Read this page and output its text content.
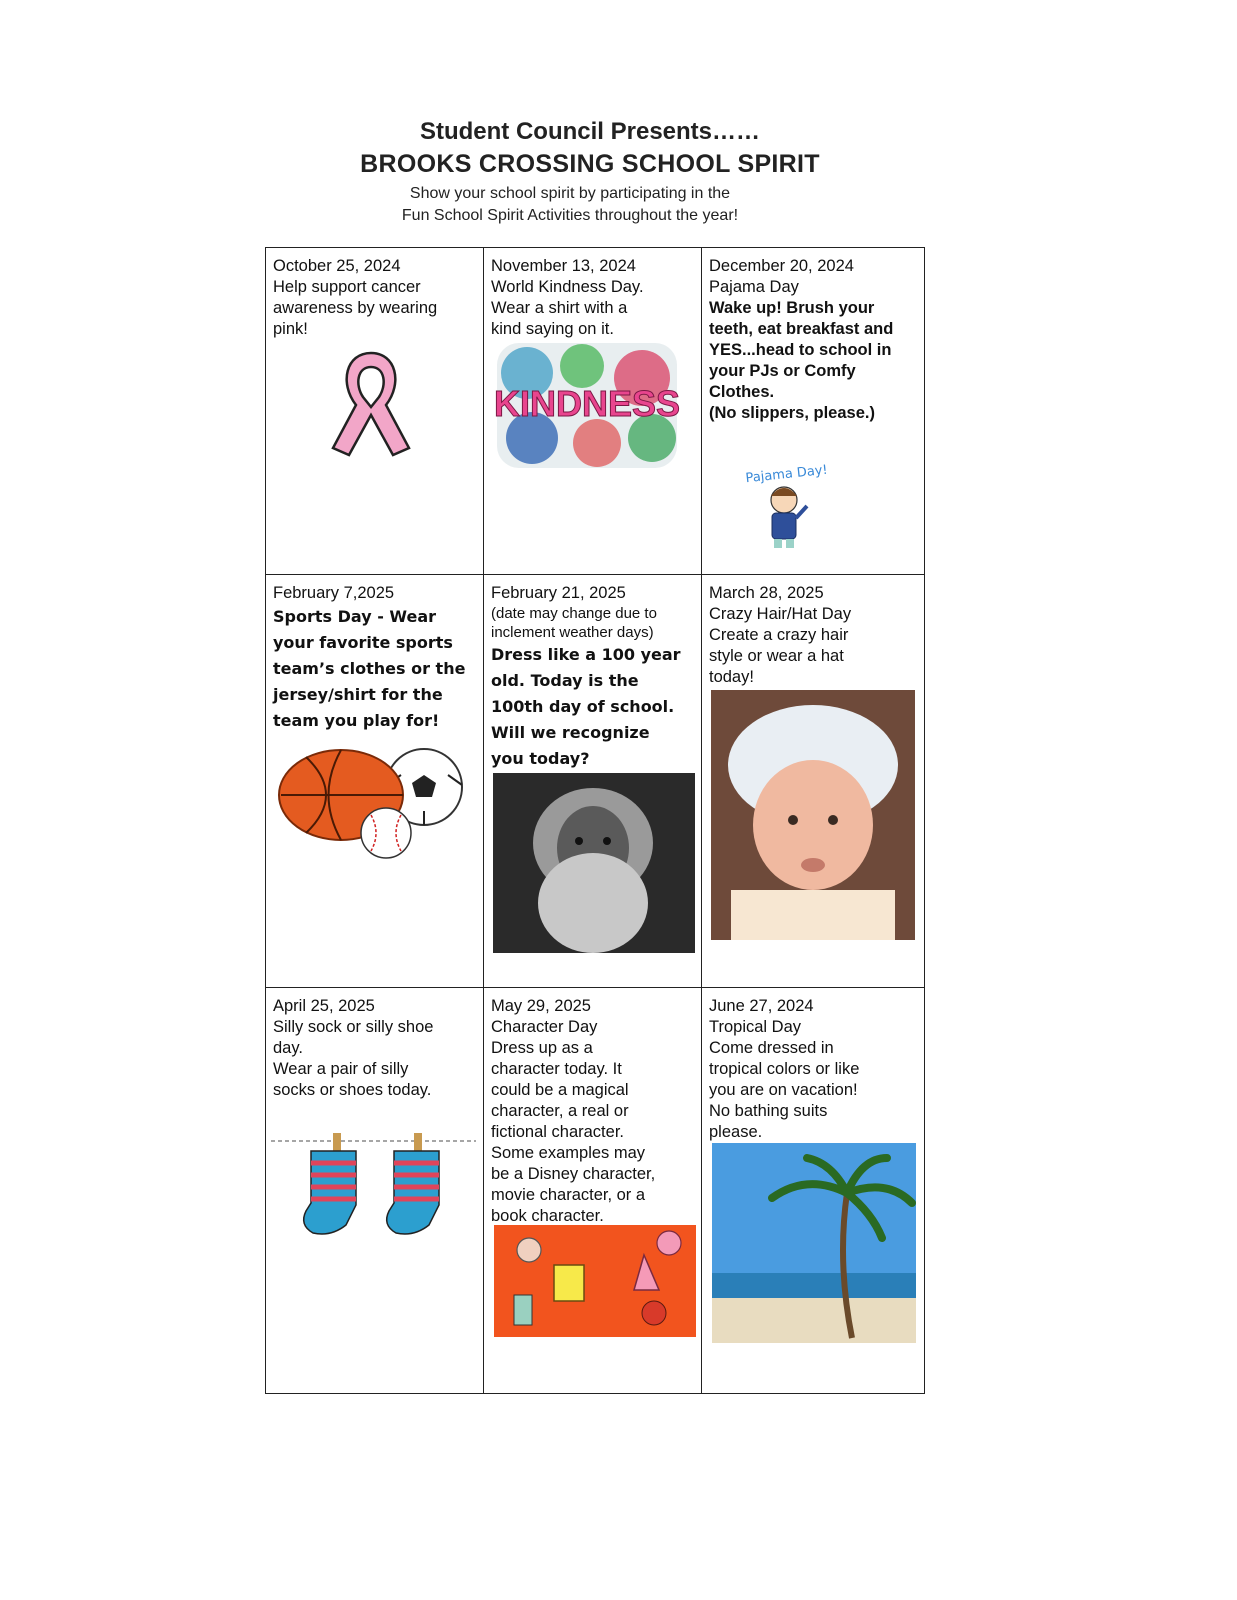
Student Council Presents……
BROOKS CROSSING SCHOOL SPIRIT
Show your school spirit by participating in the
Fun School Spirit Activities throughout the year!
October 25, 2024
Help support cancer
awareness by wearing
pink!
November 13, 2024
World Kindness Day.
Wear a shirt with a
kind saying on it.
KINDNESS
December 20, 2024
Pajama Day
Wake up! Brush your
teeth, eat breakfast and
YES...head to school in
your PJs or Comfy
Clothes.
(No slippers, please.)
Pajama Day!
February 7,2025
Sports Day - Wear
your favorite sports
team’s clothes or the
jersey/shirt for the
team you play for!
February 21, 2025
(date may change due to
inclement weather days)
Dress like a 100 year
old. Today is the
100th day of school.
Will we recognize
you today?
March 28, 2025
Crazy Hair/Hat Day
Create a crazy hair
style or wear a hat
today!
April 25, 2025
Silly sock or silly shoe
day.
Wear a pair of silly
socks or shoes today.
May 29, 2025
Character Day
Dress up as a
character today. It
could be a magical
character, a real or
fictional character.
Some examples may
be a Disney character,
movie character, or a
book character.
June 27, 2024
Tropical Day
Come dressed in
tropical colors or like
you are on vacation!
No bathing suits
please.
